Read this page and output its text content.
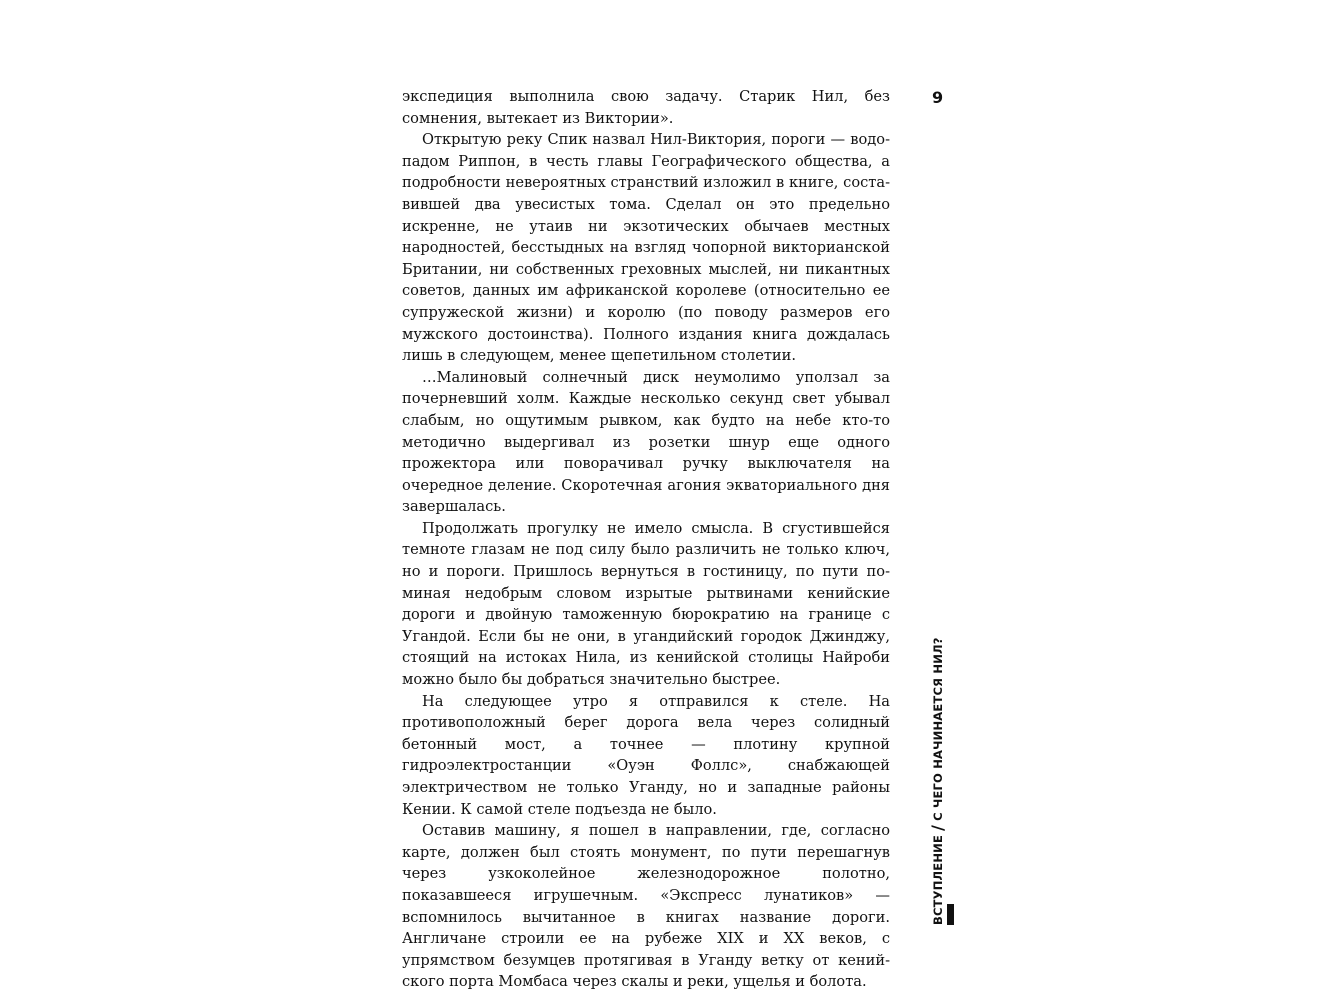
9

экспедиция выполнила свою задачу. Старик Нил, без сомнения, вытекает из Виктории».

Открытую реку Спик назвал Нил-Виктория, пороги — водопадом Риппон, в честь главы Географического общества, а подробности невероятных странствий изложил в книге, составившей два увесистых тома. Сделал он это предельно искренне, не утаив ни экзотических обычаев местных народностей, бесстыдных на взгляд чопорной викторианской Британии, ни собственных греховных мыслей, ни пикантных советов, данных им африканской королеве (относительно ее супружеской жизни) и королю (по поводу размеров его мужского достоинства). Полного издания книга дождалась лишь в следующем, менее щепетильном столетии.

…Малиновый солнечный диск неумолимо уползал за почерневший холм. Каждые несколько секунд свет убывал слабым, но ощутимым рывком, как будто на небе кто-то методично выдергивал из розетки шнур еще одного прожектора или поворачивал ручку выключателя на очередное деление. Скоротечная агония экваториального дня завершалась.

Продолжать прогулку не имело смысла. В сгустившейся темноте глазам не под силу было различить не только ключ, но и пороги. Пришлось вернуться в гостиницу, по пути поминая недобрым словом изрытые рытвинами кенийские дороги и двойную таможенную бюрократию на границе с Угандой. Если бы не они, в угандийский городок Джинджу, стоящий на истоках Нила, из кенийской столицы Найроби можно было бы добраться значительно быстрее.

На следующее утро я отправился к стеле. На противоположный берег дорога вела через солидный бетонный мост, а точнее — плотину крупной гидроэлектростанции «Оуэн Фоллс», снабжающей электричеством не только Уганду, но и западные районы Кении. К самой стеле подъезда не было.

Оставив машину, я пошел в направлении, где, согласно карте, должен был стоять монумент, по пути перешагнув через узкоколейное железнодорожное полотно, показавшееся игрушечным. «Экспресс лунатиков» — вспомнилось вычитанное в книгах название дороги. Англичане строили ее на рубеже XIX и XX веков, с упрямством безумцев протягивая в Уганду ветку от кенийского порта Момбаса через скалы и реки, ущелья и болота.

ВСТУПЛЕНИЕ
/
С ЧЕГО НАЧИНАЕТСЯ НИЛ?
